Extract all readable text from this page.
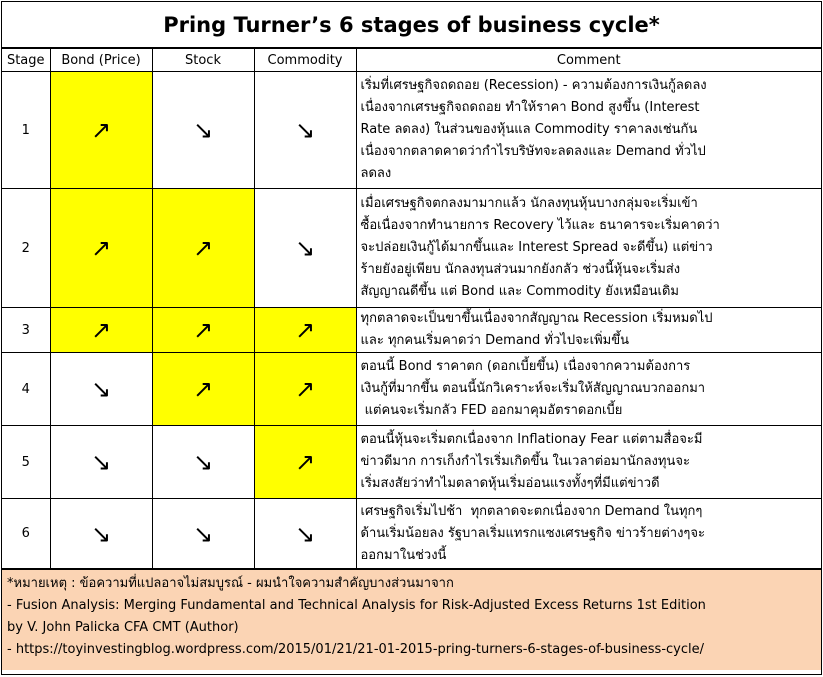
Pring Turner’s 6 stages of business cycle*
Stage	Bond (Price)	Stock	Commodity	Comment
1	↗	↘	↘	เริ่มที่เศรษฐกิจถดถอย (Recession) - ความต้องการเงินกู้ลดลง
เนื่องจากเศรษฐกิจถดถอย ทำให้ราคา Bond สูงขึ้น (Interest
Rate ลดลง) ในส่วนของหุ้นแล Commodity ราคาลงเช่นกัน
เนื่องจากตลาดคาดว่ากำไรบริษัทจะลดลงและ Demand ทั่วไป
ลดลง

2	↗	↗	↘	เมื่อเศรษฐกิจตกลงมามากแล้ว นักลงทุนหุ้นบางกลุ่มจะเริ่มเข้า
ซื้อเนื่องจากทำนายการ Recovery ไว้และ ธนาคารจะเริ่มคาดว่า
จะปล่อยเงินกู้ได้มากขึ้นและ Interest Spread จะดีขึ้น) แต่ข่าว
ร้ายยังอยู่เพียบ นักลงทุนส่วนมากยังกลัว ช่วงนี้หุ้นจะเริ่มส่ง
สัญญาณดีขึ้น แต่ Bond และ Commodity ยังเหมือนเดิม

3	↗	↗	↗	ทุกตลาดจะเป็นขาขึ้นเนื่องจากสัญญาณ Recession เริ่มหมดไป
และ ทุกคนเริ่มคาดว่า Demand ทั่วไปจะเพิ่มขึ้น

4	↘	↗	↗	ตอนนี้ Bond ราคาตก (ดอกเบี้ยขึ้น) เนื่องจากความต้องการ
เงินกู้ที่มากขึ้น ตอนนี้นักวิเคราะห์จะเริ่มให้สัญญาณบวกออกมา
แต่คนจะเริ่มกลัว FED ออกมาคุมอัตราดอกเบี้ย

5	↘	↘	↗	ตอนนี้หุ้นจะเริ่มตกเนื่องจาก Inflationay Fear แต่ตามสื่อจะมี
ข่าวดีมาก การเก็งกำไรเริ่มเกิดขึ้น ในเวลาต่อมานักลงทุนจะ
เริ่มสงสัยว่าทำไมตลาดหุ้นเริ่มอ่อนแรงทั้งๆที่มีแต่ข่าวดี

6	↘	↘	↘	เศรษฐกิจเริ่มไปช้า  ทุกตลาดจะตกเนื่องจาก Demand ในทุกๆ
ด้านเริ่มน้อยลง รัฐบาลเริ่มแทรกแซงเศรษฐกิจ ข่าวร้ายต่างๆจะ
ออกมาในช่วงนี้
*หมายเหตุ : ข้อความที่แปลอาจไม่สมบูรณ์ - ผมนำใจความสำคัญบางส่วนมาจาก
- Fusion Analysis: Merging Fundamental and Technical Analysis for Risk-Adjusted Excess Returns 1st Edition
by V. John Palicka CFA CMT (Author)
- https://toyinvestingblog.wordpress.com/2015/01/21/21-01-2015-pring-turners-6-stages-of-business-cycle/
